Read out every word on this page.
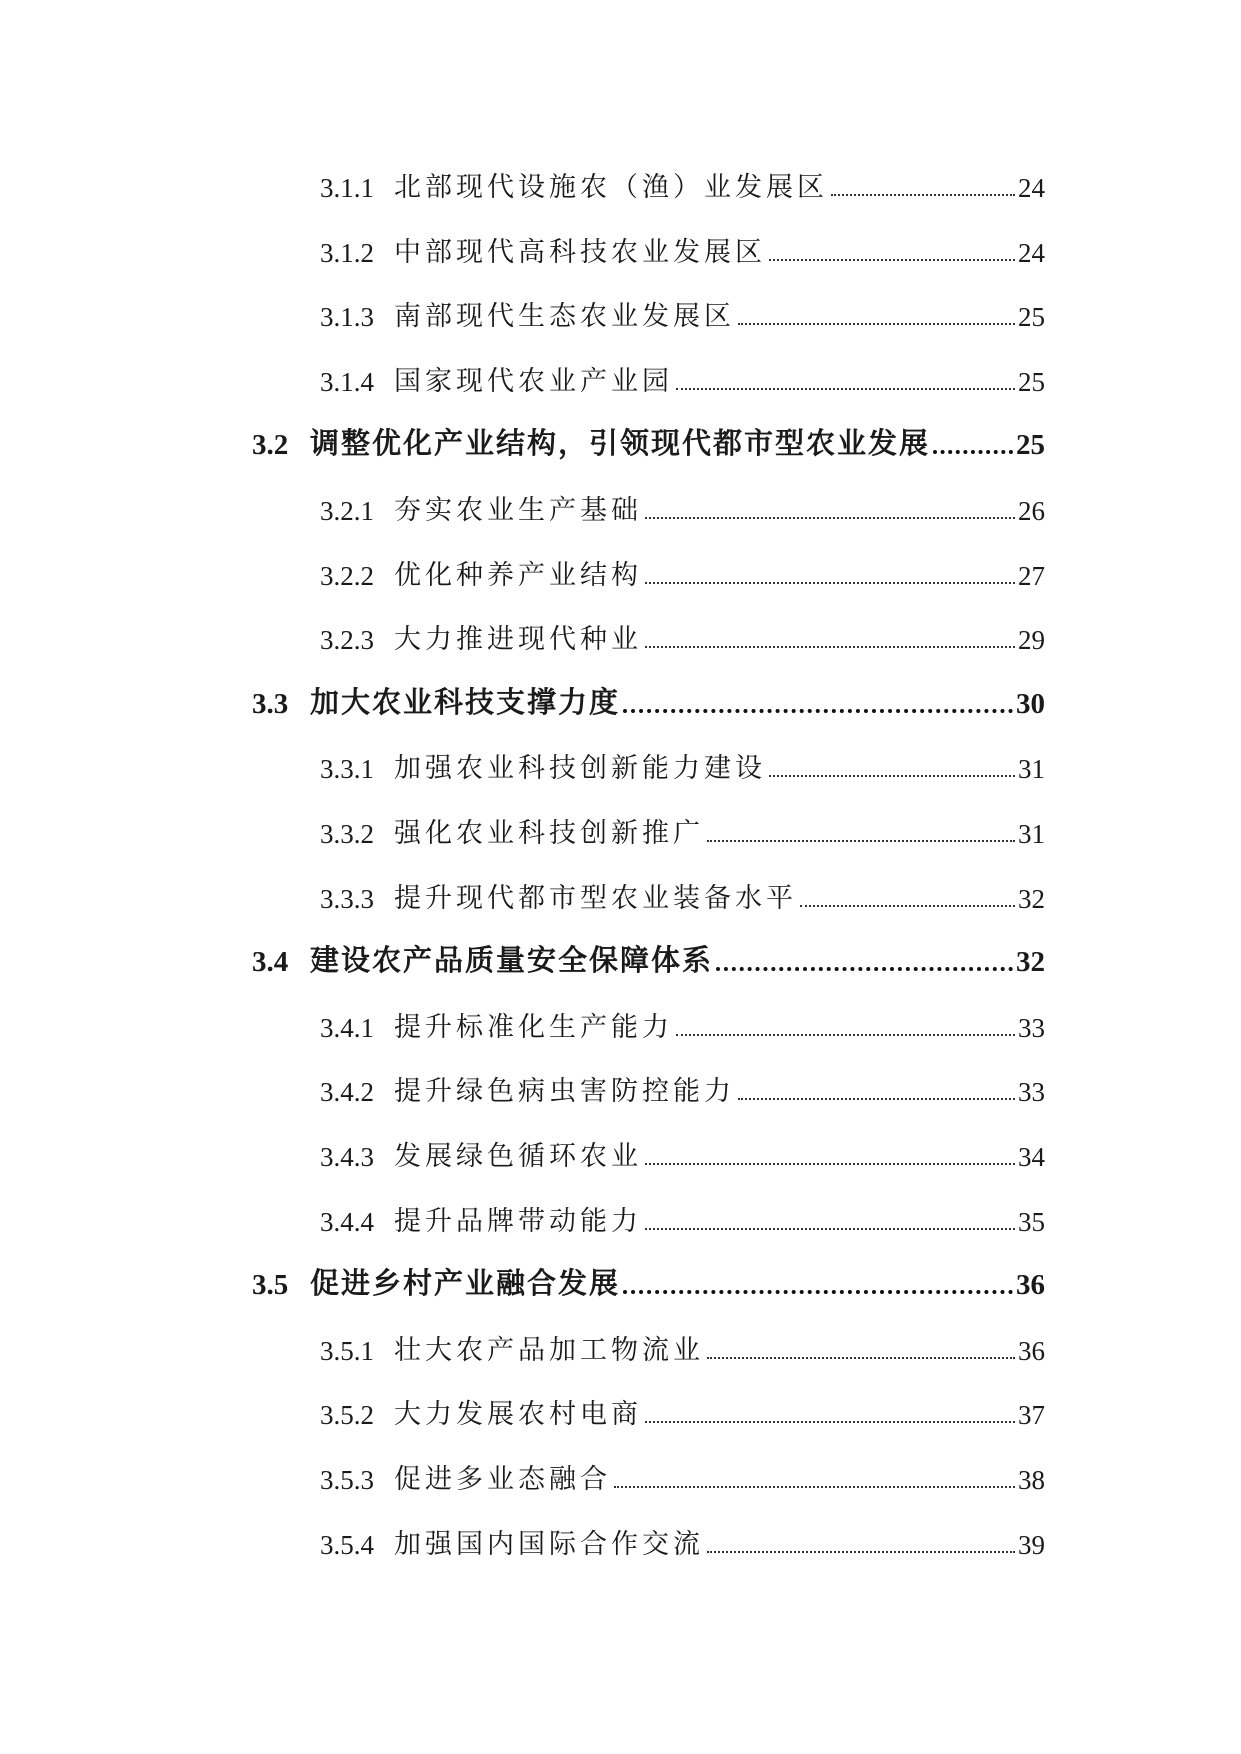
3.1.1 北部现代设施农（渔）业发展区	24
3.1.2 中部现代高科技农业发展区	24
3.1.3 南部现代生态农业发展区	25
3.1.4 国家现代农业产业园	25
3.2 调整优化产业结构，引领现代都市型农业发展	25
3.2.1 夯实农业生产基础	26
3.2.2 优化种养产业结构	27
3.2.3 大力推进现代种业	29
3.3 加大农业科技支撑力度	30
3.3.1 加强农业科技创新能力建设	31
3.3.2 强化农业科技创新推广	31
3.3.3 提升现代都市型农业装备水平	32
3.4 建设农产品质量安全保障体系	32
3.4.1 提升标准化生产能力	33
3.4.2 提升绿色病虫害防控能力	33
3.4.3 发展绿色循环农业	34
3.4.4 提升品牌带动能力	35
3.5 促进乡村产业融合发展	36
3.5.1 壮大农产品加工物流业	36
3.5.2 大力发展农村电商	37
3.5.3 促进多业态融合	38
3.5.4 加强国内国际合作交流	39
